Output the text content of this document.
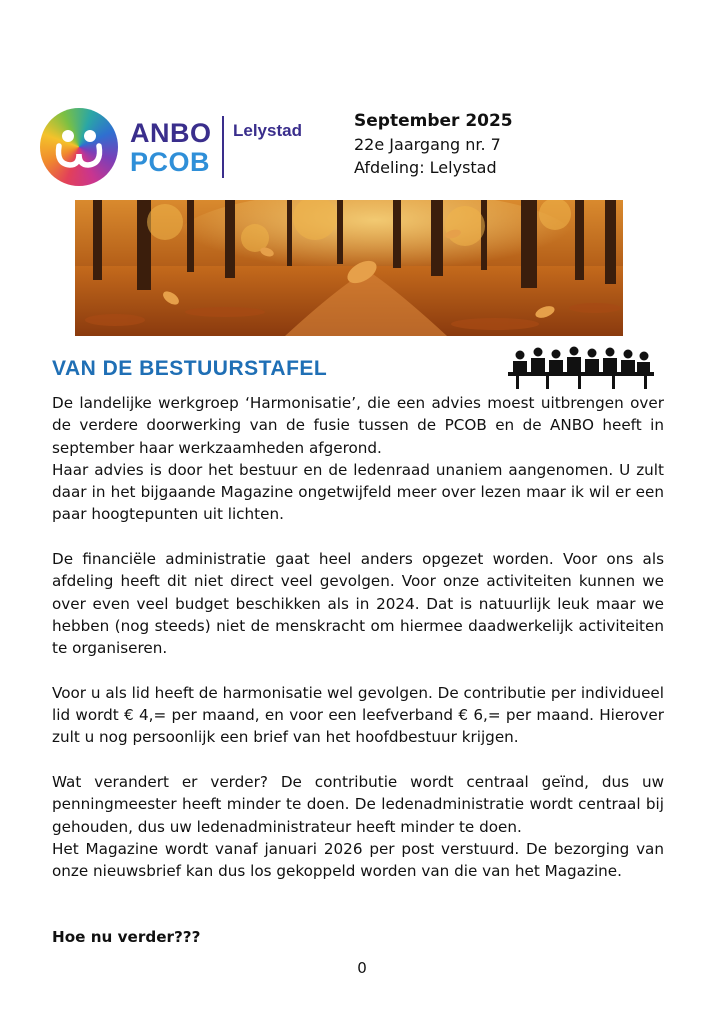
ANBO
PCOB
Lelystad	September 2025
22e Jaargang nr. 7
Afdeling: Lelystad
VAN DE BESTUURSTAFEL

De landelijke werkgroep ‘Harmonisatie’, die een advies moest uitbrengen over de verdere doorwerking van de fusie tussen de PCOB en de ANBO heeft in september haar werkzaamheden afgerond.

Haar advies is door het bestuur en de ledenraad unaniem aangenomen. U zult daar in het bijgaande Magazine ongetwijfeld meer over lezen maar ik wil er een paar hoogtepunten uit lichten.

De financiële administratie gaat heel anders opgezet worden. Voor ons als afdeling heeft dit niet direct veel gevolgen. Voor onze activiteiten kunnen we over even veel budget beschikken als in 2024. Dat is natuurlijk leuk maar we hebben (nog steeds) niet de menskracht om hiermee daadwerkelijk activiteiten te organiseren.

Voor u als lid heeft de harmonisatie wel gevolgen. De contributie per individueel lid wordt € 4,= per maand, en voor een leefverband € 6,= per maand. Hierover zult u nog persoonlijk een brief van het hoofdbestuur krijgen.

Wat verandert er verder? De contributie wordt centraal geïnd, dus uw penningmeester heeft minder te doen. De ledenadministratie wordt centraal bij gehouden, dus uw ledenadministrateur heeft minder te doen.

Het Magazine wordt vanaf januari 2026 per post verstuurd. De bezorging van onze nieuwsbrief kan dus los gekoppeld worden van die van het Magazine.

Hoe nu verder???
0
